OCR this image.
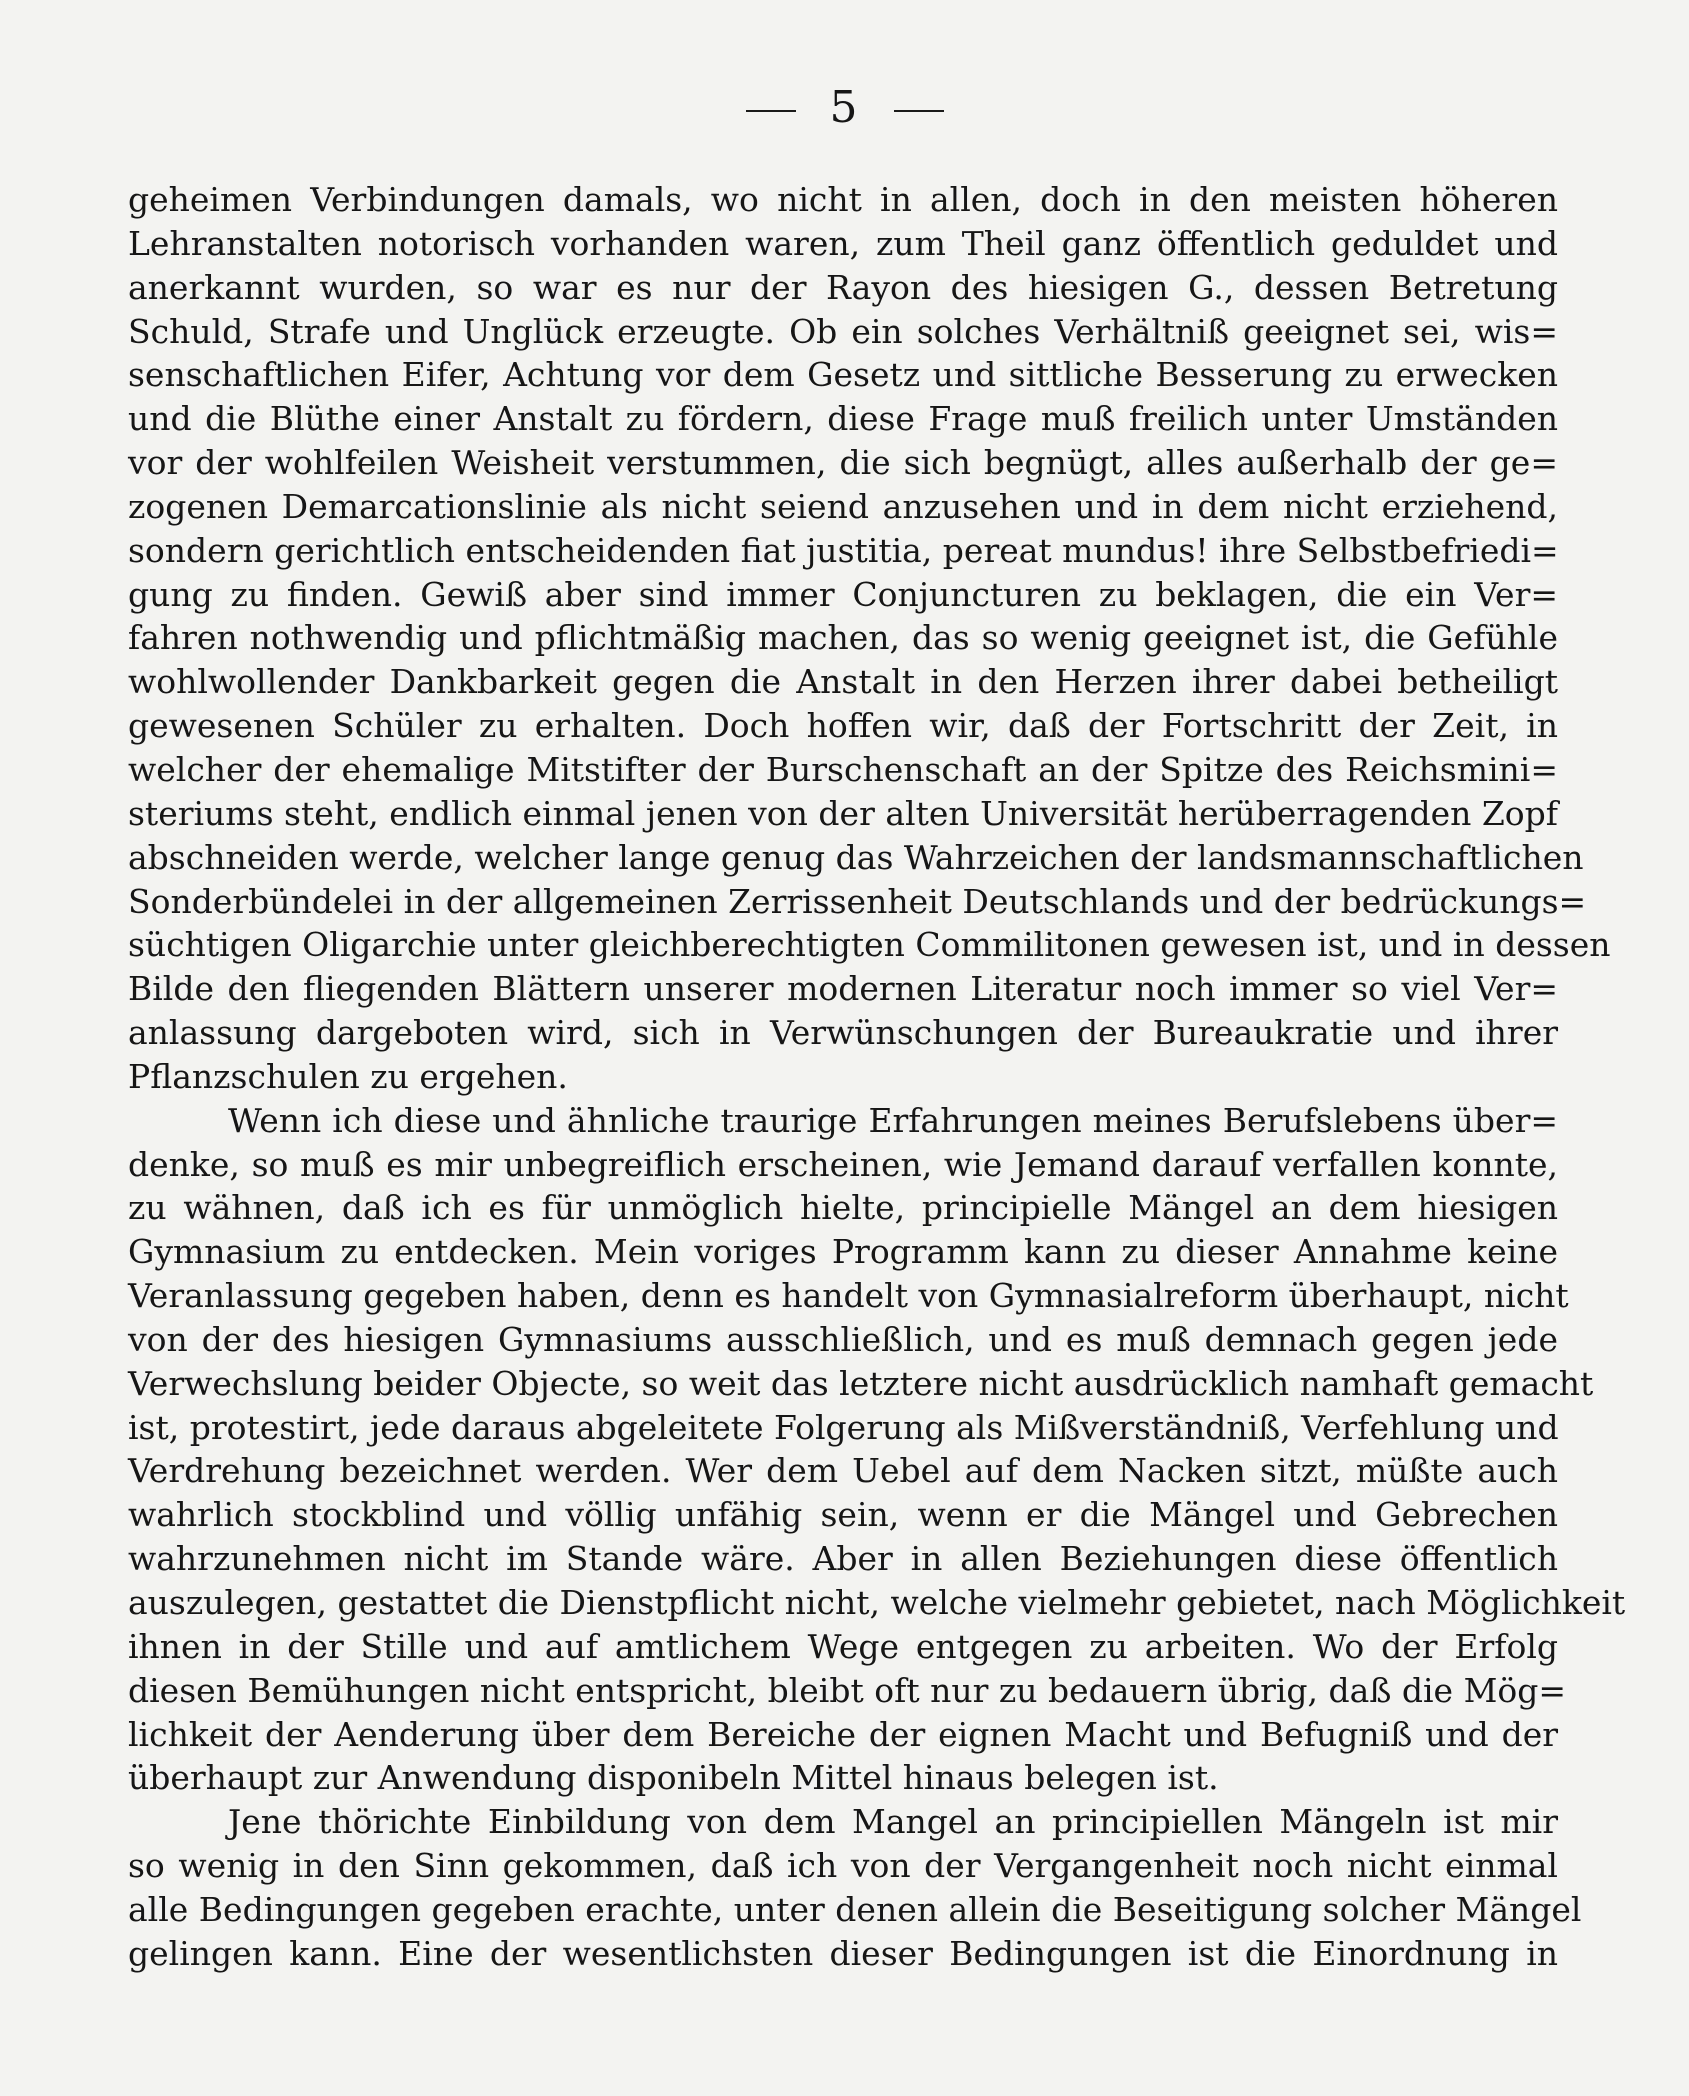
5
geheimen Verbindungen damals, wo nicht in allen, doch in den meisten höheren
Lehranstalten notorisch vorhanden waren, zum Theil ganz öffentlich geduldet und
anerkannt wurden, so war es nur der Rayon des hiesigen G., dessen Betretung
Schuld, Strafe und Unglück erzeugte. Ob ein solches Verhältniß geeignet sei, wis=
senschaftlichen Eifer, Achtung vor dem Gesetz und sittliche Besserung zu erwecken
und die Blüthe einer Anstalt zu fördern, diese Frage muß freilich unter Umständen
vor der wohlfeilen Weisheit verstummen, die sich begnügt, alles außerhalb der ge=
zogenen Demarcationslinie als nicht seiend anzusehen und in dem nicht erziehend,
sondern gerichtlich entscheidenden fiat justitia, pereat mundus! ihre Selbstbefriedi=
gung zu finden. Gewiß aber sind immer Conjuncturen zu beklagen, die ein Ver=
fahren nothwendig und pflichtmäßig machen, das so wenig geeignet ist, die Gefühle
wohlwollender Dankbarkeit gegen die Anstalt in den Herzen ihrer dabei betheiligt
gewesenen Schüler zu erhalten. Doch hoffen wir, daß der Fortschritt der Zeit, in
welcher der ehemalige Mitstifter der Burschenschaft an der Spitze des Reichsmini=
steriums steht, endlich einmal jenen von der alten Universität herüberragenden Zopf
abschneiden werde, welcher lange genug das Wahrzeichen der landsmannschaftlichen
Sonderbündelei in der allgemeinen Zerrissenheit Deutschlands und der bedrückungs=
süchtigen Oligarchie unter gleichberechtigten Commilitonen gewesen ist, und in dessen
Bilde den fliegenden Blättern unserer modernen Literatur noch immer so viel Ver=
anlassung dargeboten wird, sich in Verwünschungen der Bureaukratie und ihrer
Pflanzschulen zu ergehen.
Wenn ich diese und ähnliche traurige Erfahrungen meines Berufslebens über=
denke, so muß es mir unbegreiflich erscheinen, wie Jemand darauf verfallen konnte,
zu wähnen, daß ich es für unmöglich hielte, principielle Mängel an dem hiesigen
Gymnasium zu entdecken. Mein voriges Programm kann zu dieser Annahme keine
Veranlassung gegeben haben, denn es handelt von Gymnasialreform überhaupt, nicht
von der des hiesigen Gymnasiums ausschließlich, und es muß demnach gegen jede
Verwechslung beider Objecte, so weit das letztere nicht ausdrücklich namhaft gemacht
ist, protestirt, jede daraus abgeleitete Folgerung als Mißverständniß, Verfehlung und
Verdrehung bezeichnet werden. Wer dem Uebel auf dem Nacken sitzt, müßte auch
wahrlich stockblind und völlig unfähig sein, wenn er die Mängel und Gebrechen
wahrzunehmen nicht im Stande wäre. Aber in allen Beziehungen diese öffentlich
auszulegen, gestattet die Dienstpflicht nicht, welche vielmehr gebietet, nach Möglichkeit
ihnen in der Stille und auf amtlichem Wege entgegen zu arbeiten. Wo der Erfolg
diesen Bemühungen nicht entspricht, bleibt oft nur zu bedauern übrig, daß die Mög=
lichkeit der Aenderung über dem Bereiche der eignen Macht und Befugniß und der
überhaupt zur Anwendung disponibeln Mittel hinaus belegen ist.
Jene thörichte Einbildung von dem Mangel an principiellen Mängeln ist mir
so wenig in den Sinn gekommen, daß ich von der Vergangenheit noch nicht einmal
alle Bedingungen gegeben erachte, unter denen allein die Beseitigung solcher Mängel
gelingen kann. Eine der wesentlichsten dieser Bedingungen ist die Einordnung in
